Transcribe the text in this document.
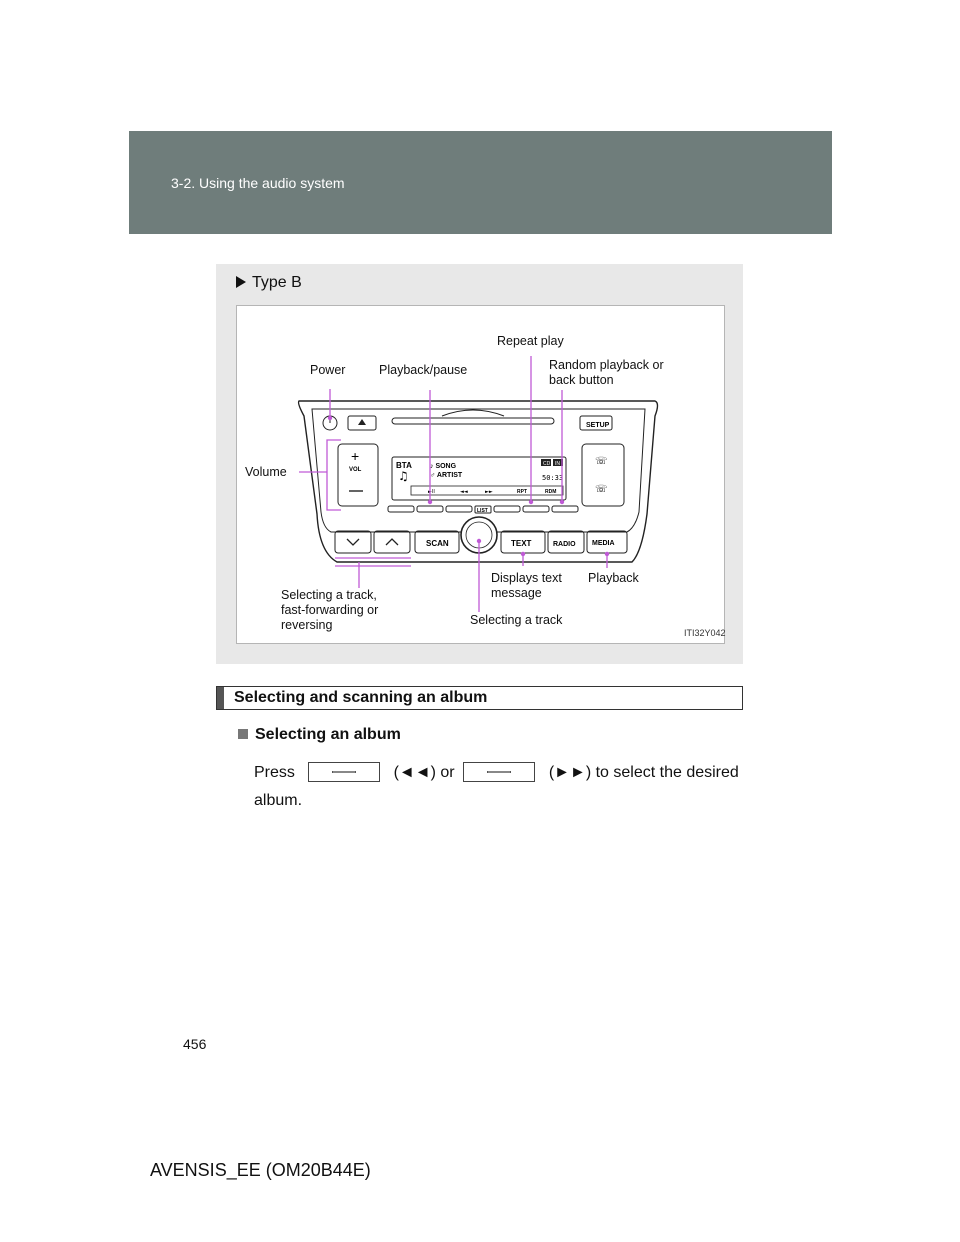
3-2. Using the audio system
Type B
SETUP
+
VOL	BTA	♪ SONG
♂ ARTIST
♫
CD IN
50:33
►II	◄◄	►►	RPT	RDM
☏
☏
LIST
SCAN	TEXT	RADIO MEDIA
Repeat play
Power	Playback/pause	Random playback or
back button
Volume
Selecting a track,
fast-forwarding or
reversing
Displays text
message
Playback
Selecting a track
ITI32Y042
Selecting and scanning an album
Selecting an album
Press	(◄◄) or	(►►) to select the desired
album.
456
AVENSIS_EE (OM20B44E)
